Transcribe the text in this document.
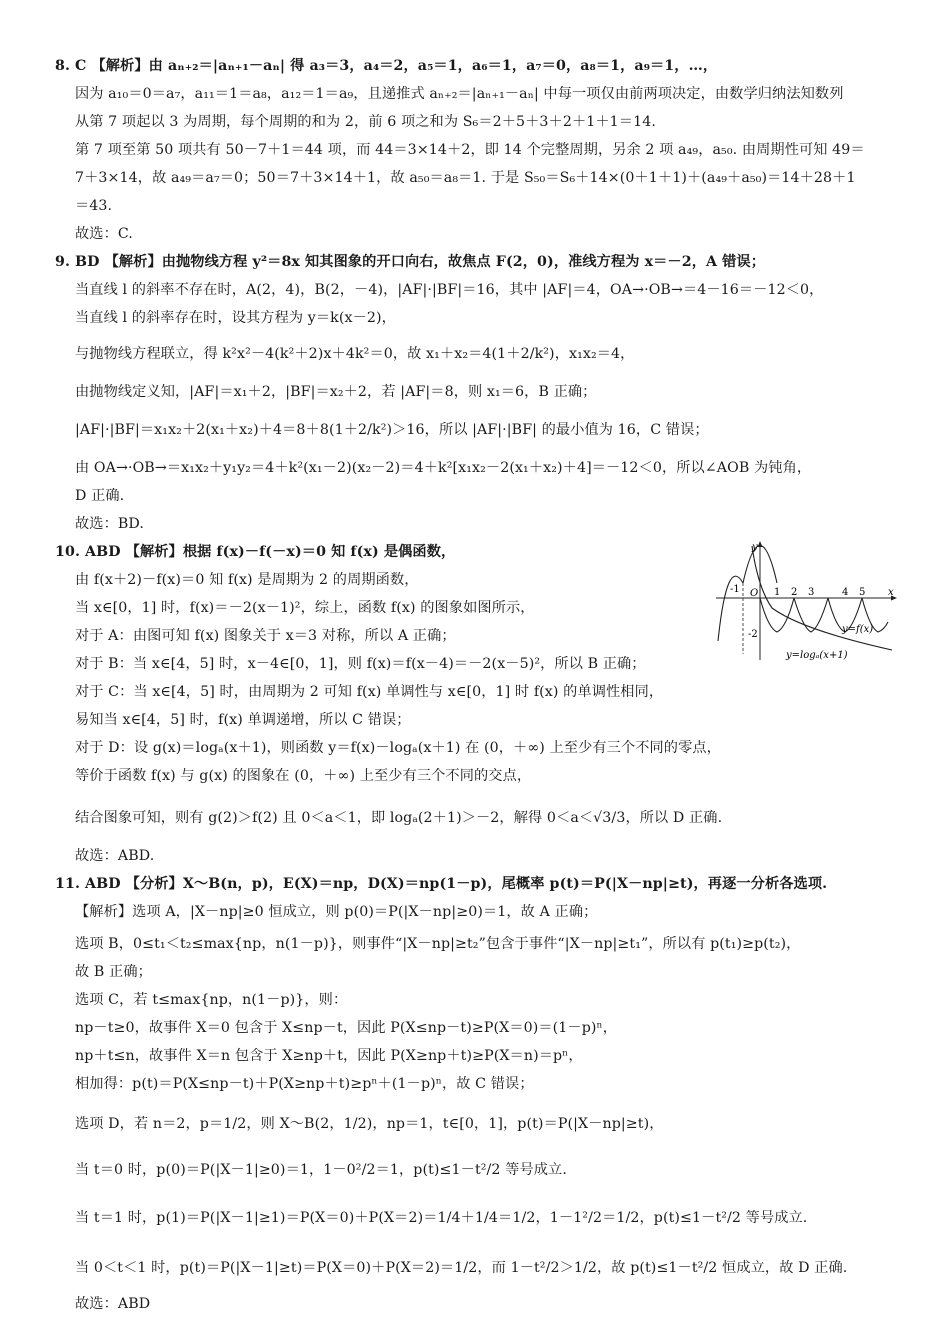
8. C 【解析】由 aₙ₊₂＝|aₙ₊₁－aₙ| 得 a₃＝3，a₄＝2，a₅＝1，a₆＝1，a₇＝0，a₈＝1，a₉＝1，…，
因为 a₁₀＝0＝a₇，a₁₁＝1＝a₈，a₁₂＝1＝a₉，且递推式 aₙ₊₂＝|aₙ₊₁－aₙ| 中每一项仅由前两项决定，由数学归纳法知数列
从第 7 项起以 3 为周期，每个周期的和为 2，前 6 项之和为 S₆＝2＋5＋3＋2＋1＋1＝14.
第 7 项至第 50 项共有 50－7＋1＝44 项，而 44＝3×14＋2，即 14 个完整周期，另余 2 项 a₄₉，a₅₀. 由周期性可知 49＝
7＋3×14，故 a₄₉＝a₇＝0；50＝7＋3×14＋1，故 a₅₀＝a₈＝1. 于是 S₅₀＝S₆＋14×(0＋1＋1)＋(a₄₉＋a₅₀)＝14＋28＋1
＝43.
故选：C.
9. BD 【解析】由抛物线方程 y²＝8x 知其图象的开口向右，故焦点 F(2，0)，准线方程为 x＝－2，A 错误；
当直线 l 的斜率不存在时，A(2，4)，B(2，－4)，|AF|·|BF|＝16，其中 |AF|＝4，OA→·OB→＝4－16＝－12＜0，
当直线 l 的斜率存在时，设其方程为 y＝k(x－2)，
与抛物线方程联立，得 k²x²－4(k²＋2)x＋4k²＝0，故 x₁＋x₂＝4(1＋2/k²)，x₁x₂＝4，
由抛物线定义知，|AF|＝x₁＋2，|BF|＝x₂＋2，若 |AF|＝8，则 x₁＝6，B 正确；
|AF|·|BF|＝x₁x₂＋2(x₁＋x₂)＋4＝8＋8(1＋2/k²)＞16，所以 |AF|·|BF| 的最小值为 16，C 错误；
由 OA→·OB→＝x₁x₂＋y₁y₂＝4＋k²(x₁－2)(x₂－2)＝4＋k²[x₁x₂－2(x₁＋x₂)＋4]＝－12＜0，所以∠AOB 为钝角，
D 正确.
故选：BD.
10. ABD 【解析】根据 f(x)－f(－x)＝0 知 f(x) 是偶函数，
由 f(x＋2)－f(x)＝0 知 f(x) 是周期为 2 的周期函数，
当 x∈[0，1] 时，f(x)＝－2(x－1)²，综上，函数 f(x) 的图象如图所示，
对于 A：由图可知 f(x) 图象关于 x＝3 对称，所以 A 正确；
对于 B：当 x∈[4，5] 时，x－4∈[0，1]，则 f(x)＝f(x－4)＝－2(x－5)²，所以 B 正确；
对于 C：当 x∈[4，5] 时，由周期为 2 可知 f(x) 单调性与 x∈[0，1] 时 f(x) 的单调性相同，
易知当 x∈[4，5] 时，f(x) 单调递增，所以 C 错误；
对于 D：设 g(x)＝logₐ(x＋1)，则函数 y＝f(x)－logₐ(x＋1) 在 (0，＋∞) 上至少有三个不同的零点，
等价于函数 f(x) 与 g(x) 的图象在 (0，＋∞) 上至少有三个不同的交点，
结合图象可知，则有 g(2)＞f(2) 且 0＜a＜1，即 logₐ(2＋1)＞－2，解得 0＜a＜√3/3，所以 D 正确.
故选：ABD.
11. ABD 【分析】X～B(n，p)，E(X)＝np，D(X)＝np(1－p)，尾概率 p(t)＝P(|X－np|≥t)，再逐一分析各选项.
【解析】选项 A，|X－np|≥0 恒成立，则 p(0)＝P(|X－np|≥0)＝1，故 A 正确；
选项 B，0≤t₁＜t₂≤max{np，n(1－p)}，则事件“|X－np|≥t₂”包含于事件“|X－np|≥t₁”，所以有 p(t₁)≥p(t₂)，
故 B 正确；
选项 C，若 t≤max{np，n(1－p)}，则：
np－t≥0，故事件 X＝0 包含于 X≤np－t，因此 P(X≤np－t)≥P(X＝0)＝(1－p)ⁿ，
np＋t≤n，故事件 X＝n 包含于 X≥np＋t，因此 P(X≥np＋t)≥P(X＝n)＝pⁿ，
相加得：p(t)＝P(X≤np－t)＋P(X≥np＋t)≥pⁿ＋(1－p)ⁿ，故 C 错误；
选项 D，若 n＝2，p＝1/2，则 X～B(2，1/2)，np＝1，t∈[0，1]，p(t)＝P(|X－np|≥t)，
当 t＝0 时，p(0)＝P(|X－1|≥0)＝1，1－0²/2＝1，p(t)≤1－t²/2 等号成立.
当 t＝1 时，p(1)＝P(|X－1|≥1)＝P(X＝0)＋P(X＝2)＝1/4＋1/4＝1/2，1－1²/2＝1/2，p(t)≤1－t²/2 等号成立.
当 0＜t＜1 时，p(t)＝P(|X－1|≥t)＝P(X＝0)＋P(X＝2)＝1/2，而 1－t²/2＞1/2，故 p(t)≤1－t²/2 恒成立，故 D 正确.
故选：ABD
y
x
O
-1
-2
1 2 3	4 5
y=f(x)
y=logₐ(x+1)
